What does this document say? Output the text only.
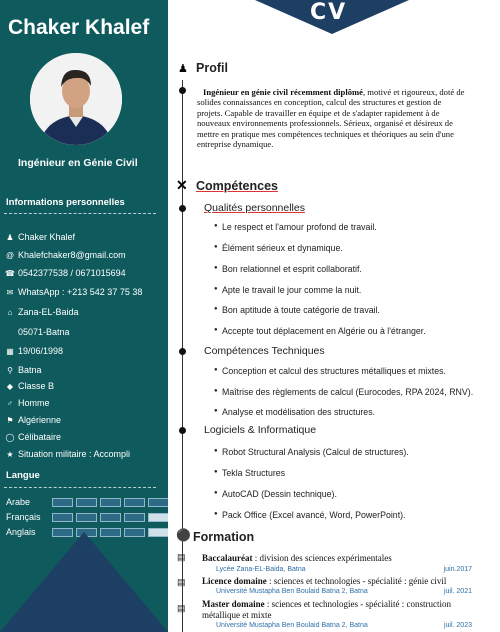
Chaker Khalef
Ingénieur en Génie Civil
Informations personnelles
♟ Chaker Khalef
@ Khalefchaker8@gmail.com
☎ 0542377538 / 0671015694
✉ WhatsApp : +213 542 37 75 38
⌂ Zana-EL-Baida
05071-Batna
▦ 19/06/1998
⚲ Batna
◆ Classe B
♂ Homme
⚑ Algérienne
◯ Célibataire
★ Situation militaire : Accompli
Langue
Arabe
Français
Anglais
CV
♟ Profil
Ingénieur en génie civil récemment diplômé, motivé et rigoureux, doté de solides connaissances en conception, calcul des structures et gestion de projets. Capable de travailler en équipe et de s'adapter rapidement à de nouveaux environnements professionnels. Sérieux, organisé et désireux de mettre en pratique mes compétences techniques et théoriques au sein d'une entreprise dynamique.
✕ Compétences
Qualités personnelles
● Le respect et l'amour profond de travail.
● Élément sérieux et dynamique.
● Bon relationnel et esprit collaboratif.
● Apte le travail le jour comme la nuit.
● Bon aptitude à toute catégorie de travail.
● Accepte tout déplacement en Algérie ou à l'étranger.
Compétences Techniques
● Conception et calcul des structures métalliques et mixtes.
● Maîtrise des règlements de calcul (Eurocodes, RPA 2024, RNV).
● Analyse et modélisation des structures.
Logiciels & Informatique
● Robot Structural Analysis (Calcul de structures).
● Tekla Structures
● AutoCAD (Dessin technique).
● Pack Office (Excel avancé, Word, PowerPoint).
⚫ Formation
▤ Baccalauréat : division des sciences expérimentales
Lycée Zana-EL-Baida, Batna	juin.2017
▤ Licence domaine : sciences et technologies - spécialité : génie civil
Université Mustapha Ben Boulaid Batna 2, Batna	juil. 2021
▤ Master domaine : sciences et technologies - spécialité : construction métallique et mixte
Université Mustapha Ben Boulaid Batna 2, Batna	juil. 2023
